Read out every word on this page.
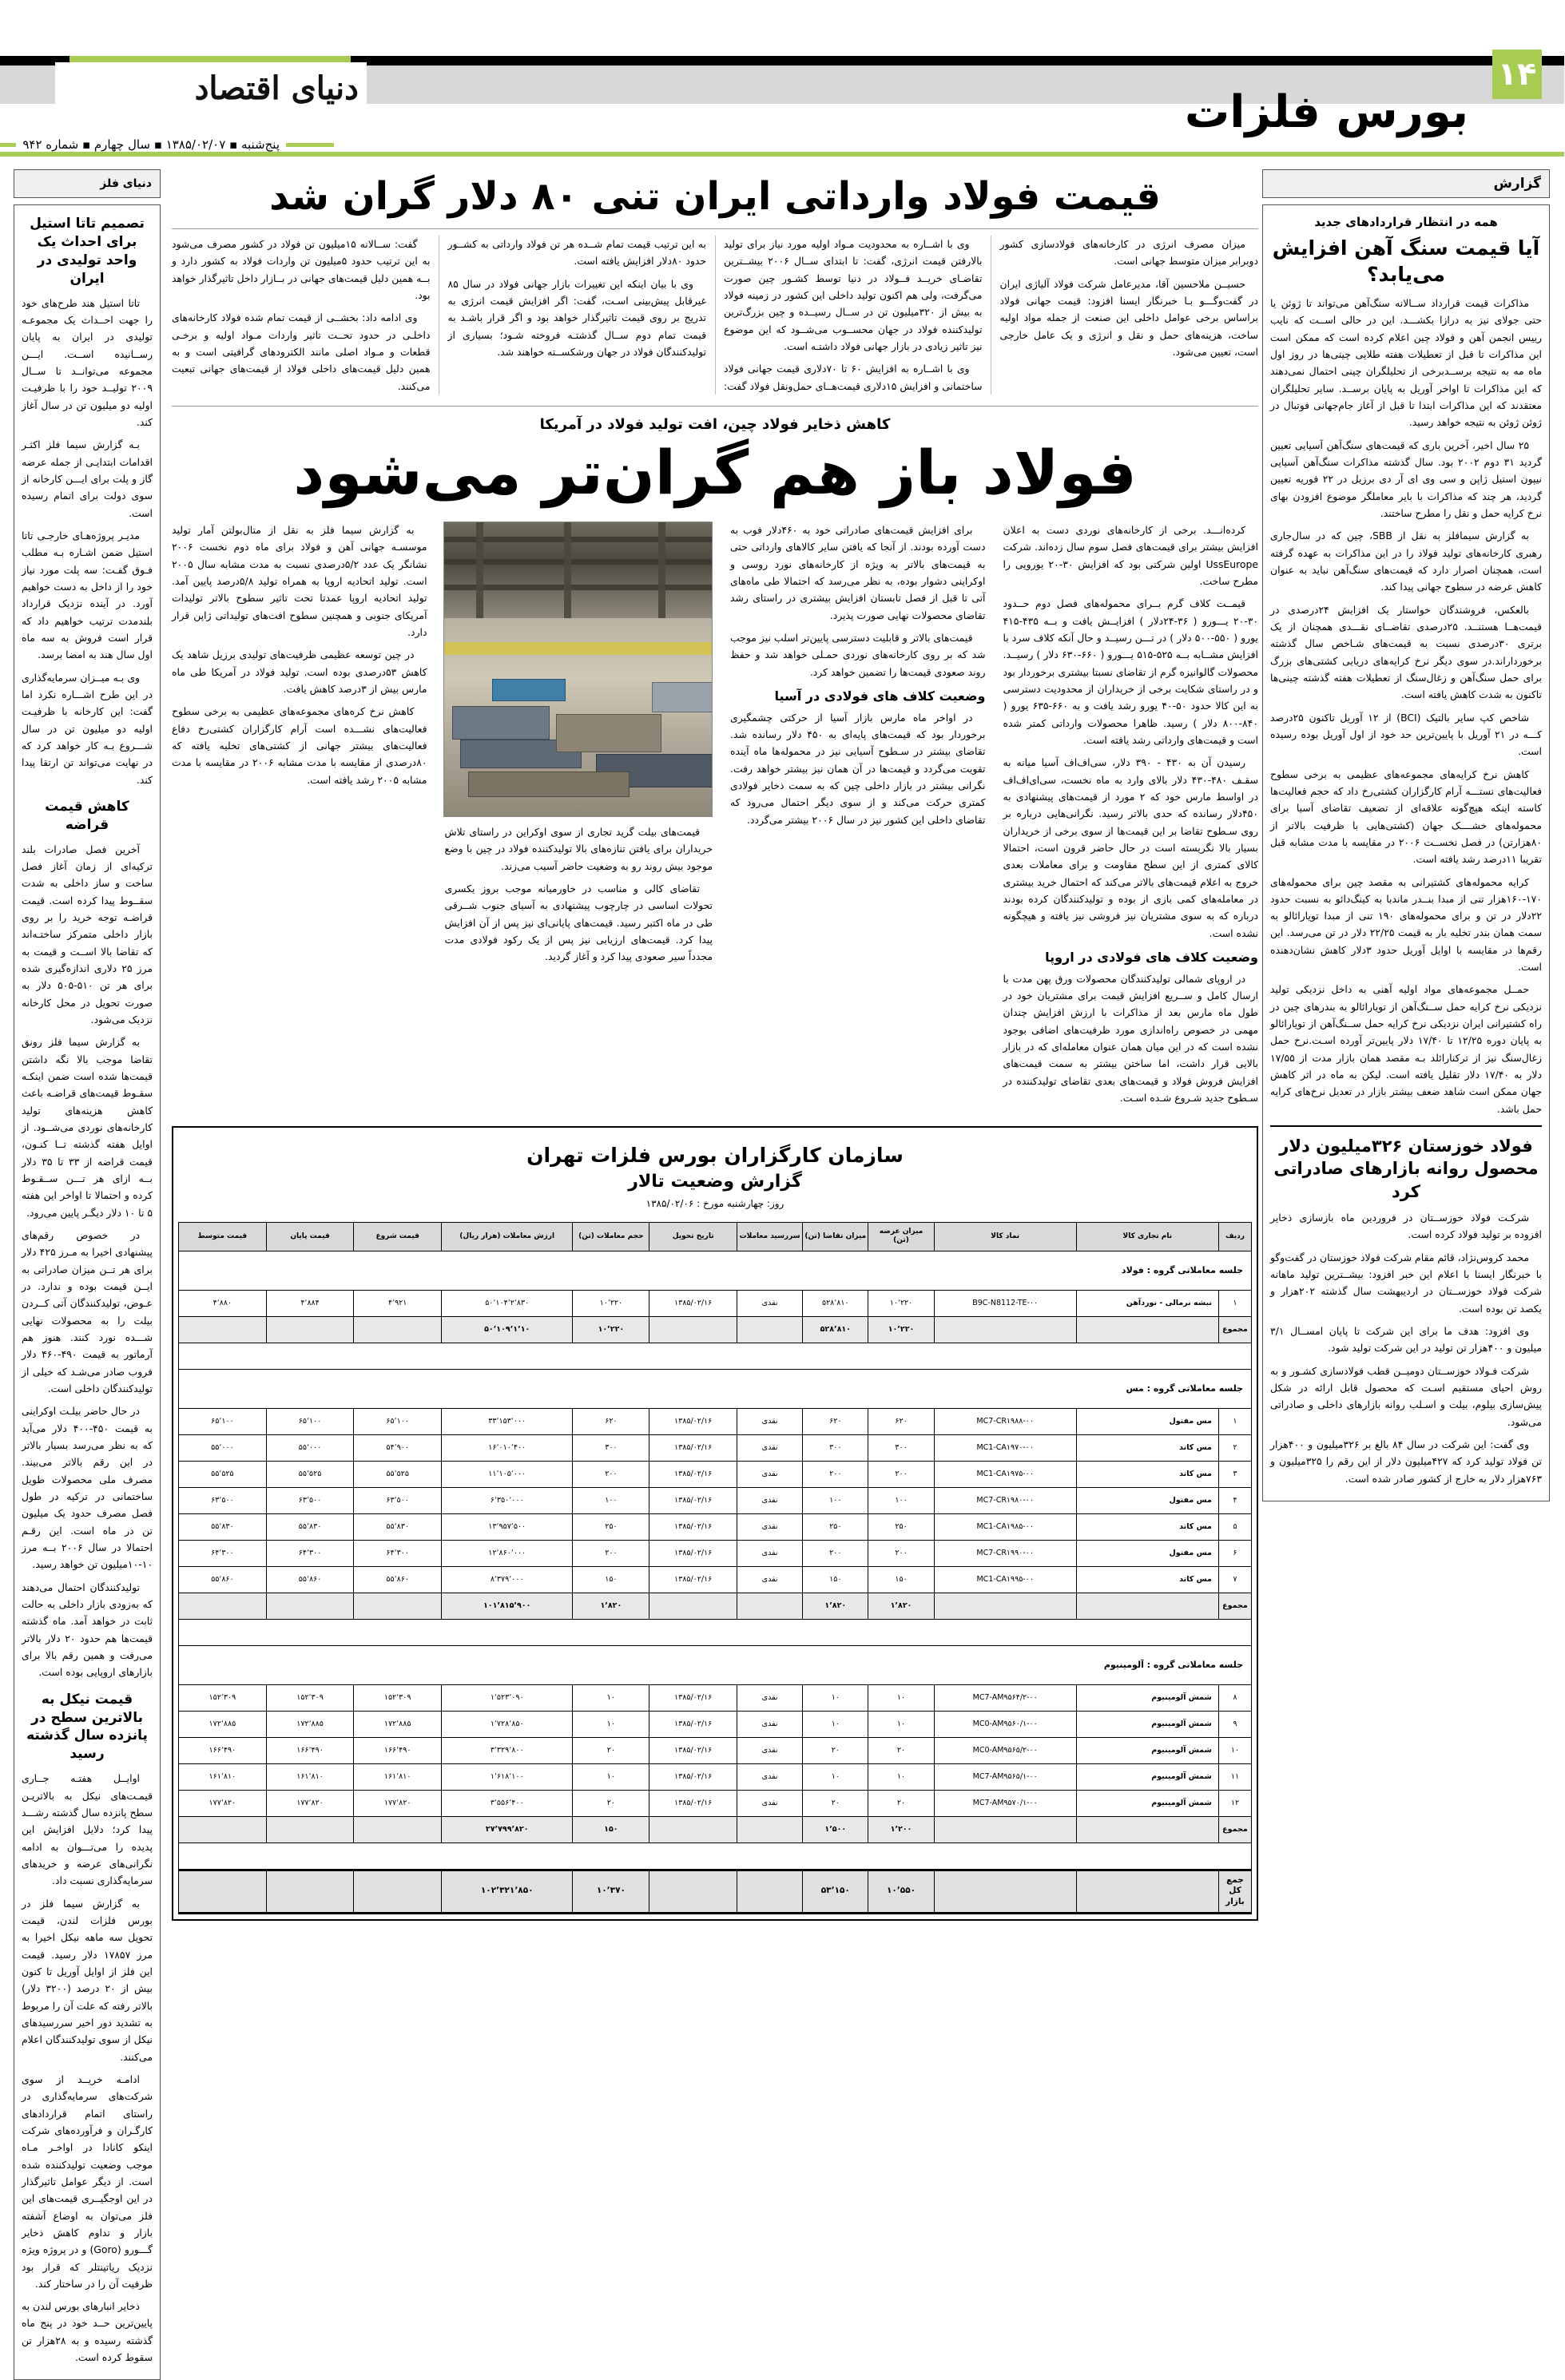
دنیای اقتصاد	۱۴
بورس فلزات
پنج‌شنبه ▪ ۱۳۸۵/۰۲/۰۷ ▪ سال چهارم ▪ شماره ۹۴۲
گزارش
همه در انتظار قراردادهای جدید
آیا قیمت سنگ آهن افزایش می‌یابد؟

مذاکرات قیمت قرارداد ســالانه سنگ‌آهن می‌تواند تا ژوئن یا حتی جولای نیز به درازا بکشـــد. این در حالی اســت که نایب رییس انجمن آهن و فولاد چین اعلام کرده است که ممکن است این مذاکرات تا قبل از تعطیلات هفته طلایی چینی‌ها در روز اول ماه مه به نتیجه برســدبرخی از تحلیلگران چینی احتمال نمی‌دهند که این مذاکرات تا اواخر آوریل به پایان برســد. سایر تحلیلگران معتقدند که این مذاکرات ابتدا تا قبل از آغاز جام‌جهانی فوتبال در ژوئن ژوئن به نتیجه خواهد رسید.

۲۵ سال اخیر، آخرین باری که قیمت‌های سنگ‌آهن آسیایی تعیین گردید ۳۱ دوم ۲۰۰۲ بود. سال گذشته مذاکرات سنگ‌آهن آسیایی نیپون استیل ژاپن و سی وی ای آر دی برزیل در ۲۲ فوریه تعیین گردید، هر چند که مذاکرات با بایر معاملگر موضوع افزودن بهای نرخ کرایه حمل و نقل را مطرح ساختند.

به گزارش سیمافلز به نقل از SBB، چین که در سال‌جاری رهبری کارخانه‌های تولید فولاد را در این مذاکرات به عهده گرفته است، همچنان اصرار دارد که قیمت‌های سنگ‌آهن نباید به عنوان کاهش عرضه در سطوح جهانی پیدا کند.

بالعکس، فروشندگان خواستار یک افزایش ۲۴درصدی در قیمت‌هــا هستنــد. ۲۵درصدی تقاضــای نقـــدی همچنان از یک برتری ۳۰درصدی نسبت به قیمت‌های شـاخص سال گذشته برخورداراند.در سوی دیگر نرخ کرایه‌های دریایی کشتی‌های بزرگ برای حمل سنگ‌آهن و زغال‌سنگ از تعطیلات هفته گذشته چینی‌ها تاکنون به شدت کاهش یافته است.

شاخص کپ سایر بالتیک (BCI) از ۱۲ آوریل تاکنون ۲۵درصد کـــه در ۲۱ آوریل با پایین‌ترین حد خود از اول آوریل بوده رسیده است.

کاهش نرخ کرایه‌های مجموعه‌های عظیمی به برخی سطوح فعالیت‌های نستـــه آرام کارگزاران کشتی‌رخ داد که حجم فعالیت‌ها کاسته‌ اینکه هیچ‌گونه علاقه‌ای از تضعیف تقاضای آسیا برای محموله‌های خشــــک جهان (کشتی‌هایی با ظرفیت بالاتر از ۸۰هزارتن) در فصل نخســت ۲۰۰۶ در مقایسه با مدت مشابه قبل تقریبا ۱۱درصد رشد یافته است.

کرایه محموله‌های کشتیرانی به مقصد چین برای محموله‌های ۱۷۰-۱۶۰هزار تنی از مبدا بنــدر ماندبا به کینگ‌دائو به نسبت حدود ۲۲دلار در تن و برای محموله‌های ۱۹۰ تنی از مبدا تویارائالو به سمت همان بندر تخلیه بار به قیمت ۲۲/۲۵ دلار در تن می‌رسد. این رقم‌ها در مقایسه با اوایل آوریل حدود ۳دلار کاهش نشان‌دهنده است.

حمــل مجموعه‌های مواد اولیه آهنی به داخل نزدیکی تولید نزدیکی نرخ کرایه حمل ســنگ‌آهن از تویارائالو به بندر‌های چین در راه کشتیرانی ایران نزدیکی نرخ کرایه حمل ســنگ‌آهن از تویارائالو به پایان دوره ۱۲/۲۵ تا ۱۷/۴۰ دلار پایین‌تر آورده اسـت.نرخ حمل زغال‌سنگ نیز از ترکنارائلد بـه مقصد همان بازار مدت از ۱۷/۵۵ دلار به ۱۷/۴۰ دلار تقلیل یافته است. لیکن به ماه در اثر کاهش جهان ممکن است شاهد ضعف بیشتر بازار در تعدیل نرخ‌های کرایه حمل باشد.

فولاد خوزستان ۳۲۶میلیون دلار محصول روانه بازارهای صادراتی کرد

شرکـت فولاد خوزســتان در فروردین ماه بازسازی ذخایر افزوده بر تولید فولاد کرده است.

محمد کروس‌نژاد، قائم مقام شرکت فولاد خوزستان در گفت‌وگو با خبرنگار ایسنا با اعلام این خبر افزود: بیشــترین تولید ماهانه شرکت فولاد خوزســتان در اردیبهشت سال گذشته ۲۰۲هزار و یکصد تن بوده است.

وی افزود: هدف ما برای این شرکت تا پایان امســال ۳/۱ میلیون و ۴۰۰هزار تن تولید در این شرکت تولید شود.

شرکت فـولاد خوزســتان دومیــن قطب فولادسازی کشـور و به روش احیای مستقیم اسـت که محصول قابل ارائه در شکل پیش‌سازی بیلوم، بیلت و اسـلب روانه بازارهای داخلی و صادراتی می‌شود.

وی گفت: این شرکت در سال ۸۴ بالغ بر ۳۲۶میلیون و ۴۰۰هزار تن فولاد تولید کرد که ۴۲۷میلیون دلار از این رقم را ۳۲۵میلیون و ۷۶۳هزار دلار به خارج از کشور صادر شده است.

دنیای فلز
تصمیم تاتا استیل برای احداث یک واحد تولیدی در ایران

تاتا استیل هند طرح‌های خود را جهت احــداث یک مجموعـه تولیدی در ایران به پایان رســانیده اســت. ایـــن مجموعه می‌توانــد تا ســال ۲۰۰۹ تولیــد خود را با ظرفیـت اولیه دو میلیون تن در سال آغاز کند.

بـه گزارش سیما فلز اکثـر اقدامات ابتدایـی از جمله عرضه گاز و پلت برای ایـــن کارخانه از سوی دولت برای اتمام رسیده است.

مدیـر پروژه‌هـای خارجـی تاتا استیل ضمن اشـاره بـه مطلب فـوق گفـت: سه پلت مورد نیاز خود را از داخل به دست خواهیم آورد. در آینده نزدیک قرارداد بلندمدت ترتیب خواهیم داد که قرار است فروش به سه ماه اول سال هند به امضا برسد.

وی بـه میــزان سرمایه‌گذاری در این طرح اشـــاره نکرد اما گفت: این کارخانه با ظرفیـت اولیه دو میلیون تن در سال شـــروع بـه کار خواهد کرد که در نهایت می‌تواند تن ارتقا پیدا کند.

کاهش قیمت قراضه

آخرین فصل صادرات بلند ترکیه‌ای از زمان آغاز فصل ساخت و ساز داخلی به شدت سقــوط پیدا کرده است. قیمت قراضـه توجه خرید را بر روی بازار داخلی متمرکز ساختـه‌اند که تقاضا بالا اســت و قیمت به مرز ۲۵ دلاری اندازه‌گیری شده برای هر تن ۵۱۰-۵۰۵ دلار به صورت تحویل در محل کارخانه نزدیک می‌شود.

به گزارش سیما فلز رونق تقاضا موجب بالا نگه داشتن قیمت‌ها شده است ضمن اینکـه سقـوط قیمت‌های قراضـه باعث کاهش هزینه‌های تولید کارخانه‌های نوردی می‌شــود. از اوایل هفته گذشته تــا کنـون، قیمت قراضه از ۳۳ تا ۳۵ دلار بــه ازای هر تـــن ســقـوط کرده و احتمالا تا اواخر این هفته ۵ تا ۱۰ دلار دیگـر پایین می‌رود.

در خصوص رقم‌های پیشنهادی اخیرا به مـرز ۴۲۵ دلار برای هر تــن میزان صادراتی به ایــن قیمت بوده و ندارد. در عـوض، تولیدکنندگان آتی کــردن بیلت را به محصولات نهایی شـــده نورد کنند. هنوز هم آرماتور به قیمت ۴۹۰-۴۶۰ دلار فروب صادر می‌شـد که خیلی از تولیدکنندگان داخلی است.

در حال حاضر بیلـت اوکراینی به قیمت ۴۵۰-۴۰۰ دلار می‌آید که به نظر می‌رسد بسیار بالاتر در این رقم بالاتر می‌بیند. مصرف ملی محصولات طویل ساختمانی در ترکیه در طول فصل مصرف حدود یک میلیون تن در ماه است. این رقـم احتمالا در سال ۲۰۰۶ بــه مرز ۱۰-۱۰میلیون تن خواهد رسید.

تولیدکنندگان احتمال می‌دهند که به‌زودی بازار داخلی به حالت ثابت در خواهد آمد. ماه گذشته قیمت‌ها هم حدود ۲۰ دلار بالاتر می‌رفت و همین رقم بالا برای بازارهای اروپایی بوده است.

قیمت نیکل به بالاترین سطح در پانزده سال گذشته رسید

اوایــل هفتـه جــاری قیمـت‌های نیکل به بالاتریـن سطح پانزده سال گذشته رشـــد پیدا کرد؛ دلایل افزایش این پدیده را می‌تـــوان به ادامه نگرانی‌های عرضه و خریدهای سرمایه‌گذاری نسبت داد.

به گزارش سیما فلز در بورس فلزات لندن، قیمت تحویل سه ماهه نیکل اخیرا به مرز ۱۷۸۵۷ دلار رسید. قیمت این فلز از اوایل آوریل تا کنون بیش از ۲۰ درصد (۳۲۰۰ دلار) بالاتر رفته که علت آن را مربوط به تشدید دور اخیر سررسیدهای نیکل از سوی تولیدکنندگان اعلام می‌کنند.

ادامـه خریــد از سوی شرکت‌های سرمایه‌گذاری در راستای اتمام قراردادهای کارگـران و فرآورده‌های شرکت اینکو کانادا در اواخـر مـاه موجب وضعیت تولیدکننده شده است. از دیگر عوامل تاثیرگذار در این اوجگیــری قیمت‌های این فلز می‌توان به اوضاع آشفته بازار و تداوم کاهش ذخایر گـــورو (Goro) و در پروژه ویژه نزدیک ریاتینتلر که قرار بود ظرفیت آن را در ساختار کند.

ذخایر انبارهای بورس لندن به پایین‌ترین حــد خود در پنج ماه گذشته رسیده و به ۲۸هزار تن سقوط کرده است.

قیمت فولاد وارداتی ایران تنی ۸۰ دلار گران شد

میزان مصرف انرژی در کارخانه‌های فولادسازی کشور دوبرابر میزان متوسط جهانی است.

حسیــن ملاحسین آقا، مدیرعامل شرکت فولاد آلیاژی ایران در گفت‌وگـــو بـا خبرنگار ایسنا افزود: قیمت جهانی فولاد براساس برخی عوامل داخلی این صنعت از جمله مواد اولیه ساخت، هزینه‌های حمل و نقل و انرژی و یک عامل خارجی است، تعیین می‌شود.

وی با اشــاره به محدودیت مـواد اولیه مورد نیاز برای تولید بالارفتن قیمت انرژی، گفت: تا ابتدای ســال ۲۰۰۶ بیشــترین تقاضـای خریــد فــولاد در دنیا توسط کشـور چین صورت می‌گرفت، ولی هم اکنون تولید داخلی این کشور در زمینه فولاد به بیش از ۳۲۰میلیون تن در ســال رسیــده و چین بزرگ‌ترین تولیدکننده فولاد در جهان محســوب می‌شــود که این موضوع نیز تاثیر زیادی در بازار جهانی فولاد داشتـه است.

وی با اشــاره به افزایش ۶۰ تا ۷۰دلاری قیمت جهانی فولاد ساختمانی و افزایش ۱۵دلاری قیمت‌هــای حمل‌ونقل فولاد گفت: به این ترتیب قیمت تمام شــده هر تن فولاد وارداتی به کشــور حدود ۸۰دلار افزایش یافته است.

وی با بیان اینکه این تغییرات بازار جهانی فولاد در سال ۸۵ غیرقابل پیش‌بینی اسـت، گفت: اگر افزایش قیمت انرژی به تدریج بر روی قیمت تاثیرگذار خواهد بود و اگر قرار باشـد به قیمت تمام دوم ســال گذشتـه فروخته شـود؛ بسیاری از تولیدکنندگان فولاد در جهان ورشکســته خواهند شد.

گفت: ســالانه ۱۵میلیون تن فولاد در کشور مصرف می‌شود به این ترتیب حدود ۵میلیون تن واردات فولاد به کشور دارد و بــه همین دلیل قیمت‌های جهانی در بــازار داخل تاثیرگذار خواهد بود.

وی ادامه داد: بخشــی از قیمت تمام شده فولاد کارخانه‌های داخلـی در حدود تحــت تاثیر واردات مـواد اولیه و برخـی قطعات و مـواد اصلی مانند الکترودهای گرافیتی است و به همین دلیل قیمت‌های داخلی فولاد از قیمت‌های جهانی تبعیت می‌کنند.

کاهش ذخایر فولاد چین، افت تولید فولاد در آمریکا
فولاد باز هم گران‌تر می‌شود

کرده‌انـــد. برخی از کارخانه‌های نوردی دست به اعلان افزایش بیشتر برای قیمت‌های فصل سوم سال زده‌اند. شرکت UssEurope اولین شرکتی بود که افزایش ۳۰-۲۰ یورویی را مطرح ساخت.

قیمــت کلاف گرم بــرای محموله‌های فصل دوم حــدود ۳۰-۲۰ یـــورو ( ۳۶-۲۴دلار ) افزایــش یافت و بــه ۴۳۵-۴۱۵ یورو ( ۵۵۰-۵۰۰ دلار ) در تـــن رسیــد و حال آنکه کلاف سرد با افزایش مشــابه بــه ۵۲۵-۵۱۵ یـــورو ( ۶۶۰-۶۳۰ دلار ) رسیــد. محصولات گالوانیزه گرم از تقاضای نسبتا بیشتری برخوردار بود و در راستای شکایت برخی از خریداران از محدودیت دسترسی به این کالا حدود ۵۰-۴۰ یورو رشد یافت و به ۶۶۰-۶۳۵ یورو ( ۸۴۰-۸۰۰ دلار ) رسید. ظاهرا محصولات وارداتی کمتر شده است و قیمت‌های وارداتی رشد یافته است.

رسیدن آن به ۴۳۰ - ۳۹۰ دلار، سی‌اف‌اف آسیا میانه به سقـف ۴۸۰-۴۳۰ دلار بالای وارد به ماه نخست، سی‌ای‌اف‌اف در اواسط مارس خود که ۲ مورد از قیمت‌های پیشنهادی به ۴۵۰دلار رسانده که حدی بالاتر رسید. نگرانی‌هایی درباره بر روی سـطوح تقاضا بر این قیمت‌ها از سوی برخی از خریداران بسیار بالا نگریسته است در حال حاضر قرون است، احتمالا کالای کمتری از این سطح مقاومت و برای معاملات بعدی خروج به اعلام قیمت‌های بالاتر می‌کند که احتمال خرید بیشتری در معامله‌های کمی بازی از بوده و تولیدکنندگان کرده بودند درباره که به سوی مشتریان نیز فروشی نیز یافته و هیچگونه نشده است.

وضعیت کلاف های فولادی در اروپا

در اروپای شمالی تولیدکنندگان محصولات ورق پهن مدت با ارسال کامل و ســریع افزایش قیمت برای مشتریان خود در طول ماه مارس بعد از مذاکرات با ارزش افزایش چندان مهمی در خصوص راه‌اندازی مورد ظرفیت‌های اضافی بوجود نشده است که در این میان همان عنوان معامله‌ای که در بازار بالایی قرار داشت، اما ساختن بیشتر به سمت قیمت‌های افزایش فروش فولاد و قیمت‌های بعدی تقاضای تولیدکننده در سـطوح جدید شـروع شـده اسـت.

برای افزایش قیمت‌های صادراتی خود به ۴۶۰دلار فوب به دست آورده بودند. از آنجا که یافتن سایر کالاهای وارداتی حتی به قیمت‌های بالاتر به ویژه از کارخانه‌های نورد روسی و اوکراینی دشوار بوده، به نظر می‌رسد که احتمالا طی ماه‌های آتی تا قبل از فصل تابستان افزایش بیشتری در راستای رشد تقاضای محصولات نهایی صورت پذیرد.

قیمت‌های بالاتر و قابلیت دسترسی پایین‌تر اسلب نیز موجب شد که بر روی کارخانه‌های نوردی حمـلی خواهد شد و حفظ روند صعودی قیمت‌ها را تضمین خواهد کرد.

وضعیت کلاف های فولادی در آسیا

در اواخر ماه مارس بازار آسیا از حرکتی چشمگیری برخوردار بود که قیمت‌های پایه‌ای به ۴۵۰ دلار رسانده شد. تقاضای بیشتر در سـطوح آسیایی نیز در محموله‌ها ماه آینده تقویت می‌گردد و قیمت‌ها در آن همان نیز بیشتر خواهد رفت. نگرانی بیشتر در بازار داخلی چین که به سمت ذخایر فولادی کمتری حرکت می‌کند و از سوی دیگر احتمال می‌رود که تقاضای داخلی این کشور نیز در سال ۲۰۰۶ بیشتر می‌گردد.

قیمت‌های بیلت گرید تجاری از سوی اوکراین در راستای تلاش خریداران برای یافتن تنازه‌های بالا تولیدکننده فولاد در چین با وضع موجود بیش روند رو به وضعیت حاضر آسیب می‌زند.

تقاضای کالی و مناسب در خاورمیانه موجب بروز یکسری تحولات اساسی در چارچوب پیشنهادی به آسیای جنوب شــرقی طی در ماه اکتبر رسید. قیمت‌های پایانی‌ای نیز پس از آن افزایش پیدا کرد. قیمت‌های ارزیابی نیز پس از یک رکود فولادی مدت مجدداً سیر صعودی پیدا کرد و آغاز گردید.

به گزارش سیما فلز به نقل از متال‌بولتن آمار تولید موسسـه جهانی آهن و فولاد برای ماه دوم نخست ۲۰۰۶ نشانگر یک عدد ۵/۲درصدی نسبت به مدت مشابه سال ۲۰۰۵ است. تولید اتحادیه اروپا به همراه تولید ۵/۸درصد پایین آمد. تولید اتحادیه اروپا عمدتا تحت تاثیر سطوح بالاتر تولیدات آمریکای جنوبی و همچنین سطوح افت‌های تولیداتی ژاپن قرار دارد.

در چین توسعه عظیمی ظرفیت‌های تولیدی برزیل شاهد یک کاهش ۵۳درصدی بوده است. تولید فولاد در آمریکا طی ماه مارس بیش از ۳درصد کاهش یافت.

کاهش نرخ کره‌های مجموعه‌های عظیمی به برخی سطوح فعالیت‌های نشـــده‌ است آرام کارگزاران کشتی‌رخ دفاع فعالیت‌های بیشتر جهانی از کشتی‌های تخلیه یافته که ۸۰درصدی از مقایسه با مدت مشابه ۲۰۰۶ در مقایسه با مدت مشابه ۲۰۰۵ رشد یافته است.

سازمان کارگزاران بورس فلزات تهران
گزارش وضعیت تالار
روز: چهارشنبه مورخ : ۱۳۸۵/۰۲/۰۶
ردیف	نام تجاری کالا	نماد کالا	میزان عرضه (تن)	میزان تقاضا (تن)	سررسید معاملات	تاریخ تحویل	حجم معاملات (تن)	ارزش معاملات (هزار ریال)	قیمت شروع	قیمت پایان	قیمت متوسط
جلسه معاملاتی گروه : فولاد											
۱	نبشه نرمالی - نوردآهن	B9C-N8112-TE-۰۰	۱۰٬۲۲۰	۵۲۸٬۸۱۰	نقدی	۱۳۸۵/۰۲/۱۶	۱۰٬۲۲۰	۵۰٬۱۰۴٬۲٬۸۳۰	۴٬۹۲۱	۴٬۸۸۴	۴٬۸۸۰
مجموع			۱۰٬۲۲۰	۵۲۸٬۸۱۰			۱۰٬۲۲۰	۵۰٬۱۰۹٬۱٬۱۰			

جلسه معاملاتی گروه : مس											
۱	مس مفتول	MC7-CR۱۹۸۸-۰۰	۶۲۰	۶۲۰	نقدی	۱۳۸۵/۰۲/۱۶	۶۲۰	۳۳٬۱۵۳٬۰۰۰	۶۵٬۱۰۰	۶۵٬۱۰۰	۶۵٬۱۰۰
۲	مس کاتد	MC1-CA۱۹۷۰-۰۰	۳۰۰	۳۰۰	نقدی	۱۳۸۵/۰۲/۱۶	۳۰۰	۱۶٬۰۱۰٬۴۰۰	۵۴٬۹۰۰	۵۵٬۰۰۰	۵۵٬۰۰۰
۳	مس کاتد	MC1-CA۱۹۷۵-۰۰	۲۰۰	۲۰۰	نقدی	۱۳۸۵/۰۲/۱۶	۲۰۰	۱۱٬۱۰۵٬۰۰۰	۵۵٬۵۲۵	۵۵٬۵۲۵	۵۵٬۵۲۵
۴	مس مفتول	MC7-CR۱۹۸۰-۰۰	۱۰۰	۱۰۰	نقدی	۱۳۸۵/۰۲/۱۶	۱۰۰	۶٬۳۵۰٬۰۰۰	۶۳٬۵۰۰	۶۳٬۵۰۰	۶۳٬۵۰۰
۵	مس کاتد	MC1-CA۱۹۸۵-۰۰	۲۵۰	۲۵۰	نقدی	۱۳۸۵/۰۲/۱۶	۲۵۰	۱۳٬۹۵۷٬۵۰۰	۵۵٬۸۳۰	۵۵٬۸۳۰	۵۵٬۸۳۰
۶	مس مفتول	MC7-CR۱۹۹۰-۰۰	۲۰۰	۲۰۰	نقدی	۱۳۸۵/۰۲/۱۶	۲۰۰	۱۲٬۸۶۰٬۰۰۰	۶۴٬۳۰۰	۶۴٬۳۰۰	۶۴٬۳۰۰
۷	مس کاتد	MC1-CA۱۹۹۵-۰۰	۱۵۰	۱۵۰	نقدی	۱۳۸۵/۰۲/۱۶	۱۵۰	۸٬۳۷۹٬۰۰۰	۵۵٬۸۶۰	۵۵٬۸۶۰	۵۵٬۸۶۰
مجموع			۱٬۸۲۰	۱٬۸۲۰			۱٬۸۲۰	۱۰۱٬۸۱۵٬۹۰۰			

جلسه معاملاتی گروه : آلومینیوم											
۸	شمش آلومینیوم	MC7-AM۹۵۶۴/۲-۰۰	۱۰	۱۰	نقدی	۱۳۸۵/۰۲/۱۶	۱۰	۱٬۵۲۳٬۰۹۰	۱۵۲٬۳۰۹	۱۵۲٬۳۰۹	۱۵۲٬۳۰۹
۹	شمش آلومینیوم	MC0-AM۹۵۶۰/۱-۰۰	۱۰	۱۰	نقدی	۱۳۸۵/۰۲/۱۶	۱۰	۱٬۷۲۸٬۸۵۰	۱۷۲٬۸۸۵	۱۷۲٬۸۸۵	۱۷۲٬۸۸۵
۱۰	شمش آلومینیوم	MC0-AM۹۵۶۵/۲-۰۰	۲۰	۲۰	نقدی	۱۳۸۵/۰۲/۱۶	۲۰	۳٬۳۲۹٬۸۰۰	۱۶۶٬۴۹۰	۱۶۶٬۴۹۰	۱۶۶٬۴۹۰
۱۱	شمش آلومینیوم	MC7-AM۹۵۶۵/۱-۰۰	۱۰	۱۰	نقدی	۱۳۸۵/۰۲/۱۶	۱۰	۱٬۶۱۸٬۱۰۰	۱۶۱٬۸۱۰	۱۶۱٬۸۱۰	۱۶۱٬۸۱۰
۱۲	شمش آلومینیوم	MC7-AM۹۵۷۰/۱-۰۰	۲۰	۲۰	نقدی	۱۳۸۵/۰۲/۱۶	۲۰	۳٬۵۵۶٬۴۰۰	۱۷۷٬۸۲۰	۱۷۷٬۸۲۰	۱۷۷٬۸۲۰
مجموع			۱٬۲۰۰	۱٬۵۰۰			۱۵۰	۲۷٬۷۹۹٬۸۲۰			

جمع کل بازار			۱۰٬۵۵۰	۵۳٬۱۵۰			۱۰٬۳۷۰	۱۰۲٬۳۲۱٬۸۵۰			
